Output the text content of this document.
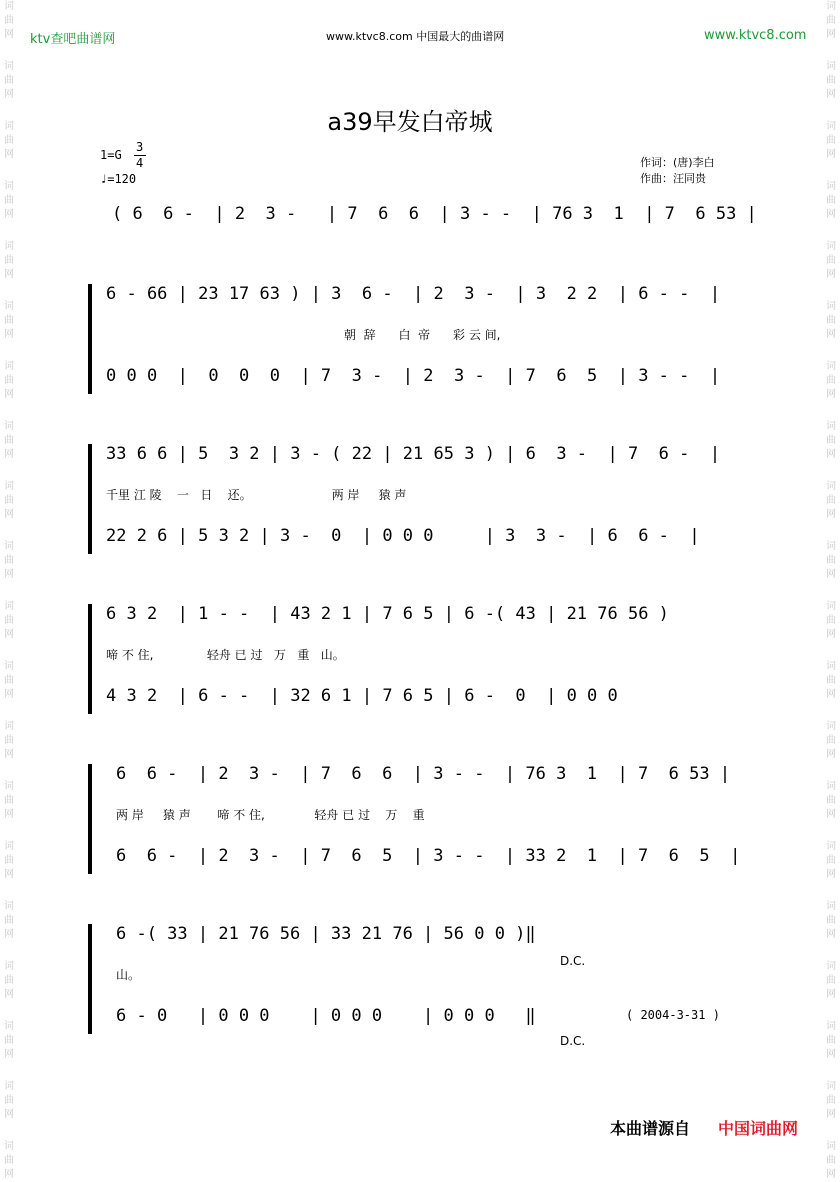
词曲网
词曲网
词曲网
词曲网
词曲网
词曲网
词曲网
词曲网
词曲网
词曲网
词曲网
词曲网
词曲网
词曲网
词曲网
词曲网
词曲网
词曲网
词曲网
词曲网
词曲网
词曲网
词曲网
词曲网
词曲网
词曲网
词曲网
词曲网
词曲网
词曲网
词曲网
词曲网
词曲网
词曲网
词曲网
词曲网
词曲网
词曲网
词曲网
词曲网
ktv查吧曲谱网	www.ktvc8.com 中国最大的曲谱网	www.ktvc8.com
a39早发白帝城
1=G
3
4
♩=120
作词：(唐)李白
作曲：汪同贵
( 6  6 -  | 2  3 -   | 7  6  6  | 3 - -  | 76 3  1  | 7  6 53 |
6 - 66 | 23 17 63 ) | 3  6 -  | 2  3 -  | 3  2 2  | 6 - -  |
朝  辞      白  帝      彩 云 间,
0 0 0  |  0  0  0  | 7  3 -  | 2  3 -  | 7  6  5  | 3 - -  |
33 6 6 | 5  3 2 | 3 - ( 22 | 21 65 3 ) | 6  3 -  | 7  6 -  |
千里 江 陵    一   日    还。                     两 岸     猿 声
22 2 6 | 5 3 2 | 3 -  0  | 0 0 0     | 3  3 -  | 6  6 -  |
6 3 2  | 1 - -  | 43 2 1 | 7 6 5 | 6 -( 43 | 21 76 56 )
啼 不 住,              轻舟 已 过   万   重   山。
4 3 2  | 6 - -  | 32 6 1 | 7 6 5 | 6 -  0  | 0 0 0
6  6 -  | 2  3 -  | 7  6  6  | 3 - -  | 76 3  1  | 7  6 53 |
两 岸     猿 声       啼 不 住,             轻舟 已 过    万    重
6  6 -  | 2  3 -  | 7  6  5  | 3 - -  | 33 2  1  | 7  6  5  |
6 -( 33 | 21 76 56 | 33 21 76 | 56 0 0 )‖
山。
6 - 0   | 0 0 0    | 0 0 0    | 0 0 0   ‖
D.C.
D.C.
( 2004-3-31 )
本曲谱源自 中国词曲网
